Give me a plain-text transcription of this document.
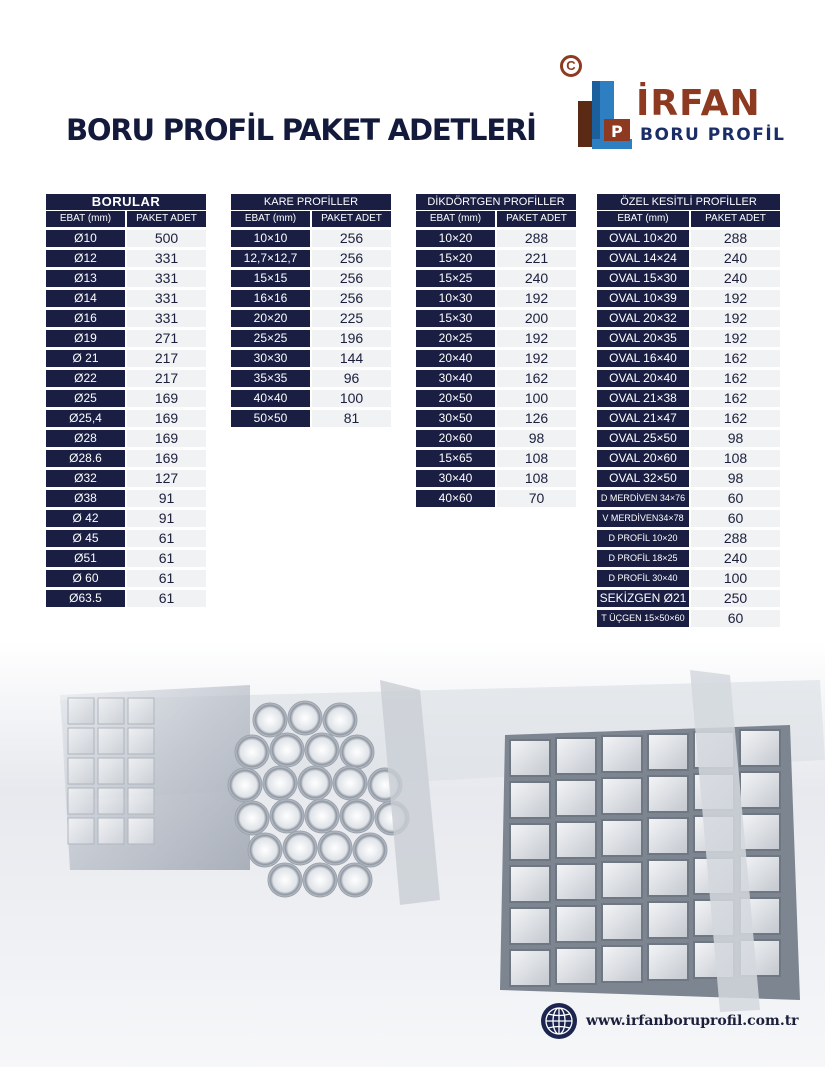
BORU PROFİL PAKET ADETLERİ
C
P
İRFAN
BORU PROFİL
BORULAR
EBAT (mm)	PAKET ADET
Ø10	500
Ø12	331
Ø13	331
Ø14	331
Ø16	331
Ø19	271
Ø 21	217
Ø22	217
Ø25	169
Ø25,4	169
Ø28	169
Ø28.6	169
Ø32	127
Ø38	91
Ø 42	91
Ø 45	61
Ø51	61
Ø 60	61
Ø63.5	61
KARE PROFİLLER
EBAT (mm)	PAKET ADET
10×10	256
12,7×12,7	256
15×15	256
16×16	256
20×20	225
25×25	196
30×30	144
35×35	96
40×40	100
50×50	81
DİKDÖRTGEN PROFİLLER
EBAT (mm)	PAKET ADET
10×20	288
15×20	221
15×25	240
10×30	192
15×30	200
20×25	192
20×40	192
30×40	162
20×50	100
30×50	126
20×60	98
15×65	108
30×40	108
40×60	70
ÖZEL KESİTLİ PROFİLLER
EBAT (mm)	PAKET ADET
OVAL 10×20	288
OVAL 14×24	240
OVAL 15×30	240
OVAL 10×39	192
OVAL 20×32	192
OVAL 20×35	192
OVAL 16×40	162
OVAL 20×40	162
OVAL 21×38	162
OVAL 21×47	162
OVAL 25×50	98
OVAL 20×60	108
OVAL 32×50	98
D MERDİVEN 34×76	60
V MERDİVEN34×78	60
D PROFİL 10×20	288
D PROFİL 18×25	240
D PROFİL 30×40	100
SEKİZGEN Ø21	250
T ÜÇGEN 15×50×60	60
www.irfanboruprofil.com.tr
